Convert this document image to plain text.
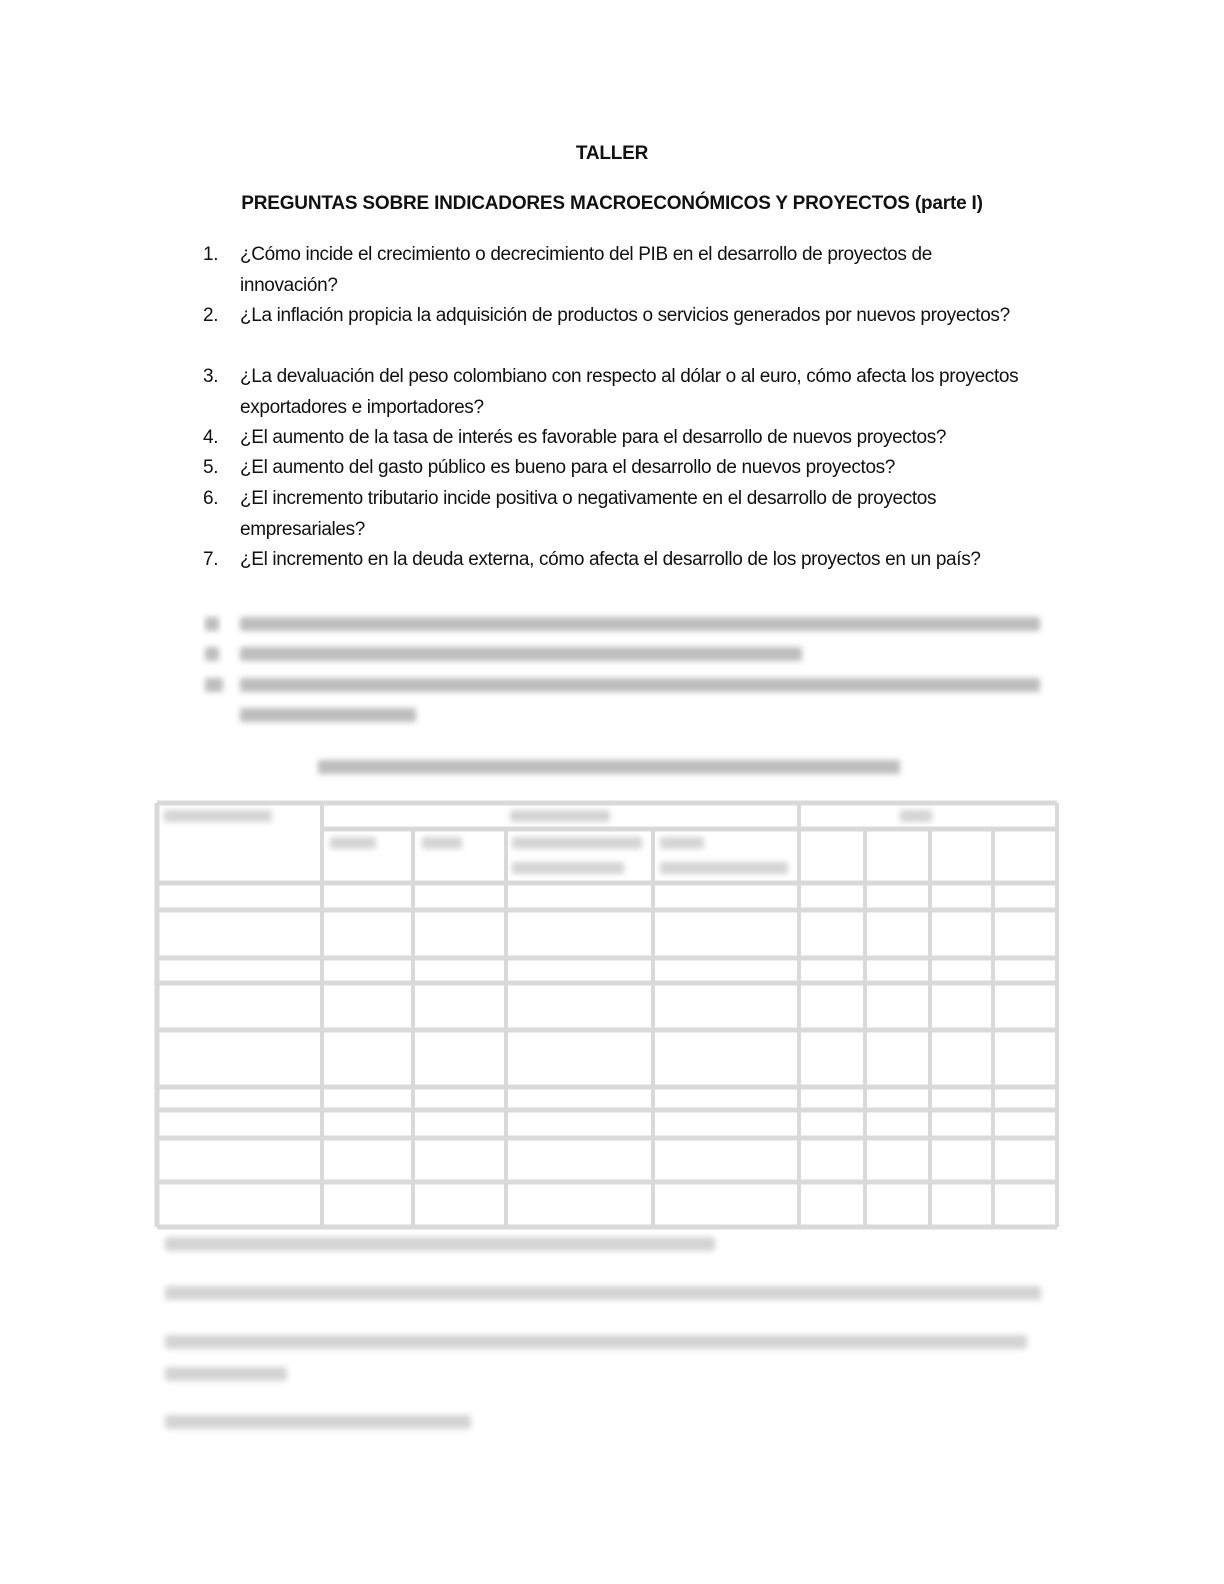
TALLER
PREGUNTAS SOBRE INDICADORES MACROECONÓMICOS Y PROYECTOS (parte I)
1. ¿Cómo incide el crecimiento o decrecimiento del PIB en el desarrollo de proyectos de innovación?
2. ¿La inflación propicia la adquisición de productos o servicios generados por nuevos proyectos?
3. ¿La devaluación del peso colombiano con respecto al dólar o al euro, cómo afecta los proyectos exportadores e importadores?
4. ¿El aumento de la tasa de interés es favorable para el desarrollo de nuevos proyectos?
5. ¿El aumento del gasto público es bueno para el desarrollo de nuevos proyectos?
6. ¿El incremento tributario incide positiva o negativamente en el desarrollo de proyectos empresariales?
7. ¿El incremento en la deuda externa, cómo afecta el desarrollo de los proyectos en un país?
